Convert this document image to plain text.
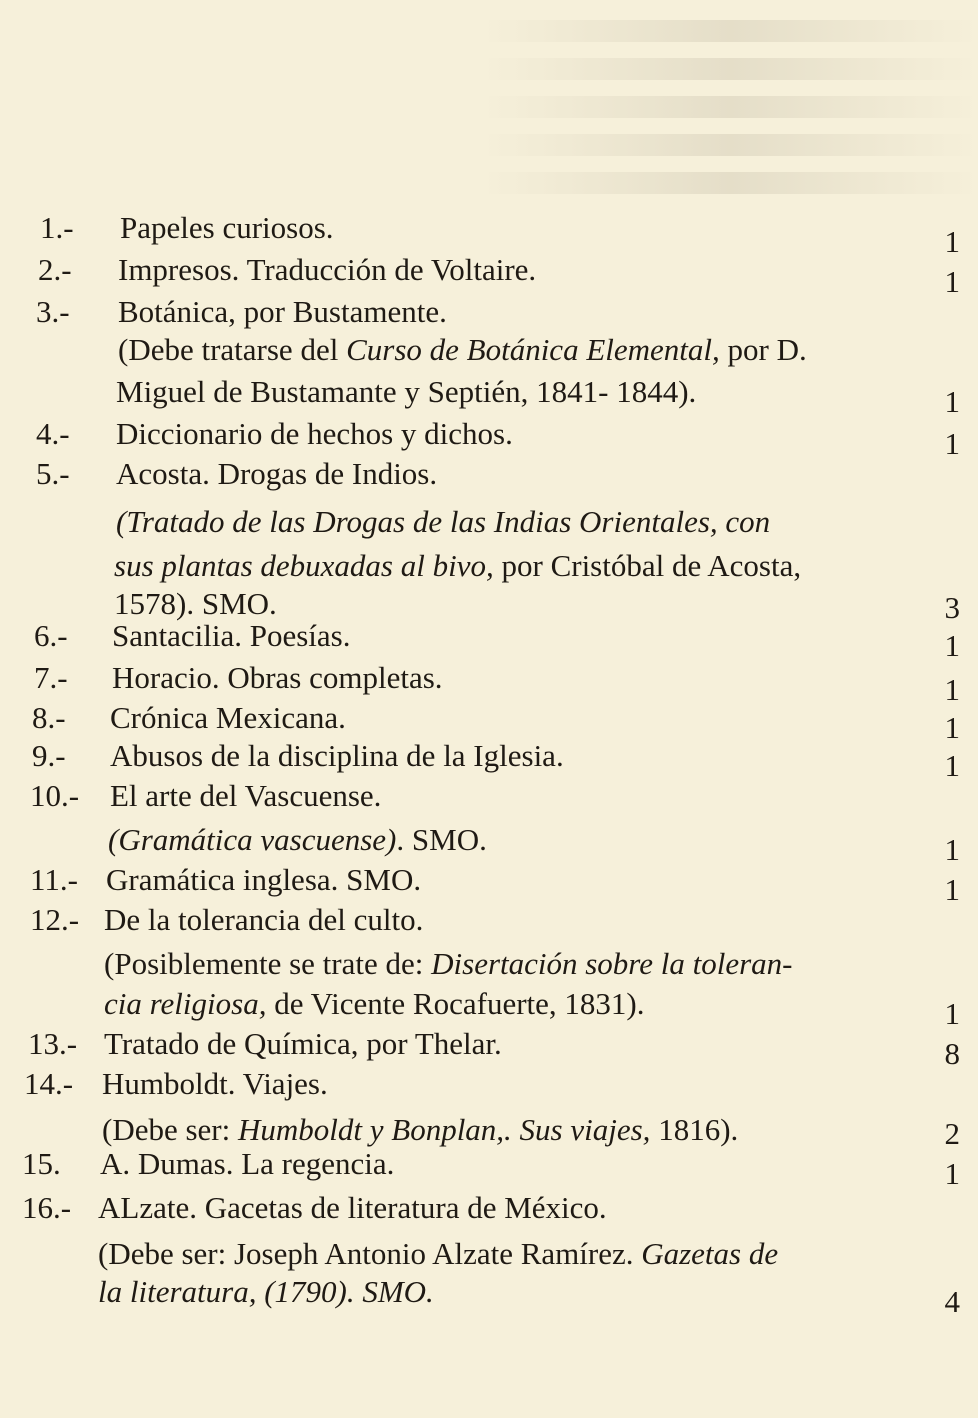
1.- Papeles curiosos.	1
2.- Impresos. Traducción de Voltaire.	1
3.- Botánica, por Bustamente.
(Debe tratarse del Curso de Botánica Elemental, por D.
Miguel de Bustamante y Septién, 1841- 1844).	1
4.- Diccionario de hechos y dichos.	1
5.- Acosta. Drogas de Indios.
(Tratado de las Drogas de las Indias Orientales, con
sus plantas debuxadas al bivo, por Cristóbal de Acosta,
1578). SMO.	3
6.- Santacilia. Poesías.	1
7.- Horacio. Obras completas.	1
8.- Crónica Mexicana.	1
9.- Abusos de la disciplina de la Iglesia.	1
10.- El arte del Vascuense.
(Gramática vascuense). SMO.	1
11.- Gramática inglesa. SMO.	1
12.- De la tolerancia del culto.
(Posiblemente se trate de: Disertación sobre la toleran-
cia religiosa, de Vicente Rocafuerte, 1831).	1
13.- Tratado de Química, por Thelar.	8
14.- Humboldt. Viajes.
(Debe ser: Humboldt y Bonplan,. Sus viajes, 1816).	2
15. A. Dumas. La regencia.	1
16.- ALzate. Gacetas de literatura de México.
(Debe ser: Joseph Antonio Alzate Ramírez. Gazetas de
la literatura, (1790). SMO.	4
